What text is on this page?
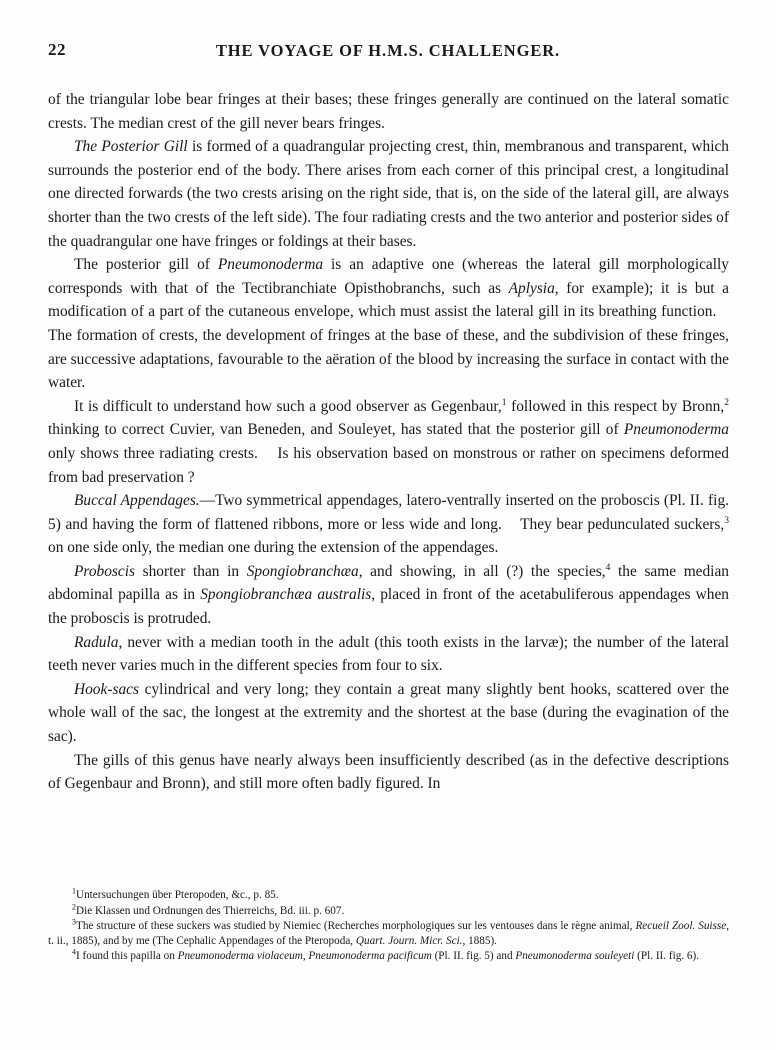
22	THE VOYAGE OF H.M.S. CHALLENGER.

of the triangular lobe bear fringes at their bases; these fringes generally are continued on the lateral somatic crests. The median crest of the gill never bears fringes.

The Posterior Gill is formed of a quadrangular projecting crest, thin, membranous and transparent, which surrounds the posterior end of the body. There arises from each corner of this principal crest, a longitudinal one directed forwards (the two crests arising on the right side, that is, on the side of the lateral gill, are always shorter than the two crests of the left side). The four radiating crests and the two anterior and posterior sides of the quadrangular one have fringes or foldings at their bases.

The posterior gill of Pneumonoderma is an adaptive one (whereas the lateral gill morphologically corresponds with that of the Tectibranchiate Opisthobranchs, such as Aplysia, for example); it is but a modification of a part of the cutaneous envelope, which must assist the lateral gill in its breathing function.    The formation of crests, the development of fringes at the base of these, and the subdivision of these fringes, are successive adaptations, favourable to the aëration of the blood by increasing the surface in contact with the water.

It is difficult to understand how such a good observer as Gegenbaur,$^1$ followed in this respect by Bronn,$^2$ thinking to correct Cuvier, van Beneden, and Souleyet, has stated that the posterior gill of Pneumonoderma only shows three radiating crests.    Is his observation based on monstrous or rather on specimens deformed from bad preservation ?

Buccal Appendages.—Two symmetrical appendages, latero-ventrally inserted on the proboscis (Pl. II. fig. 5) and having the form of flattened ribbons, more or less wide and long.    They bear pedunculated suckers,$^3$ on one side only, the median one during the extension of the appendages.

Proboscis shorter than in Spongiobranchæa, and showing, in all (?) the species,$^4$ the same median abdominal papilla as in Spongiobranchæa australis, placed in front of the acetabuliferous appendages when the proboscis is protruded.

Radula, never with a median tooth in the adult (this tooth exists in the larvæ); the number of the lateral teeth never varies much in the different species from four to six.

Hook-sacs cylindrical and very long; they contain a great many slightly bent hooks, scattered over the whole wall of the sac, the longest at the extremity and the shortest at the base (during the evagination of the sac).

The gills of this genus have nearly always been insufficiently described (as in the defective descriptions of Gegenbaur and Bronn), and still more often badly figured. In

$^1$Untersuchungen über Pteropoden, &c., p. 85.

$^2$Die Klassen und Ordnungen des Thierreichs, Bd. iii. p. 607.

$^3$The structure of these suckers was studied by Niemiec (Recherches morphologiques sur les ventouses dans le règne animal, Recueil Zool. Suisse, t. ii., 1885), and by me (The Cephalic Appendages of the Pteropoda, Quart. Journ. Micr. Sci., 1885).

$^4$I found this papilla on Pneumonoderma violaceum, Pneumonoderma pacificum (Pl. II. fig. 5) and Pneumonoderma souleyeti (Pl. II. fig. 6).
